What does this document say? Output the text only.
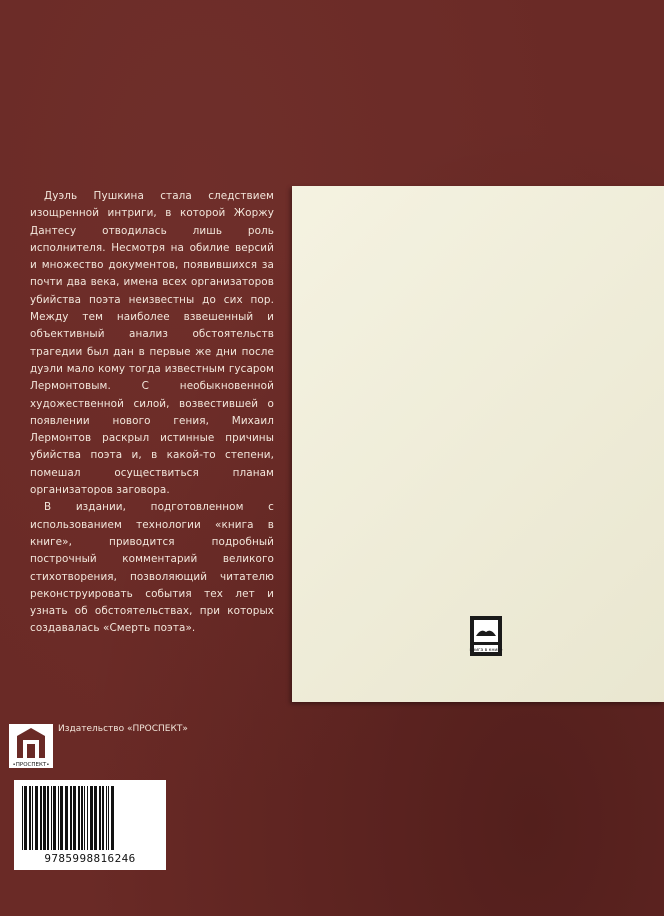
Дуэль Пушкина стала следствием изощренной интриги, в которой Жоржу Дантесу отводилась лишь роль исполнителя. Несмотря на обилие версий и множество документов, появившихся за почти два века, имена всех организаторов убийства поэта неизвестны до сих пор. Между тем наиболее взвешенный и объективный анализ обстоятельств трагедии был дан в первые же дни после дуэли мало кому тогда известным гусаром Лермонтовым. С необыкновенной художественной силой, возвестившей о появлении нового гения, Михаил Лермонтов раскрыл истинные причины убийства поэта и, в какой-то степени, помешал осуществиться планам организаторов заговора.

В издании, подготовленном с использованием технологии «книга в книге», приводится подробный построчный комментарий великого стихотворения, позволяющий читателю реконструировать события тех лет и узнать об обстоятельствах, при которых создавалась «Смерть поэта».

книга в книге
•ПРОСПЕКТ•
Издательство «ПРОСПЕКТ»
9785998816246
